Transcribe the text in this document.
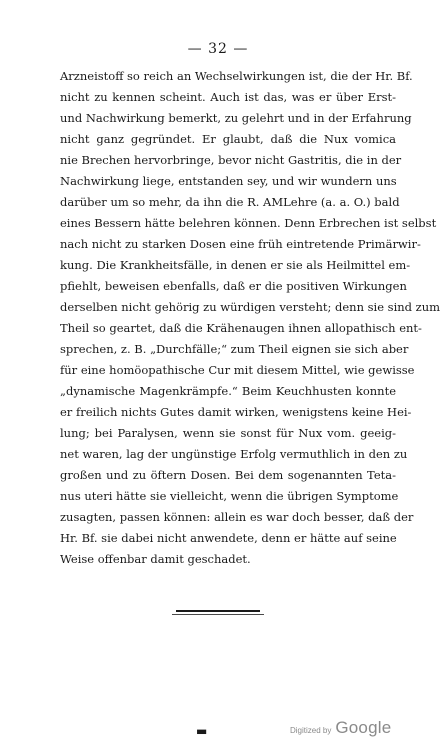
— 32 —
Arzneistoff so reich an Wechselwirkungen ist, die der Hr. Bf.
nicht zu kennen scheint. Auch ist das, was er über Erst-
und Nachwirkung bemerkt, zu gelehrt und in der Erfahrung
nicht ganz gegründet. Er glaubt, daß die Nux vomica
nie Brechen hervorbringe, bevor nicht Gastritis, die in der
Nachwirkung liege, entstanden sey, und wir wundern uns
darüber um so mehr, da ihn die R. AMLehre (a. a. O.) bald
eines Bessern hätte belehren können. Denn Erbrechen ist selbst
nach nicht zu starken Dosen eine früh eintretende Primärwir-
kung. Die Krankheitsfälle, in denen er sie als Heilmittel em-
pfiehlt, beweisen ebenfalls, daß er die positiven Wirkungen
derselben nicht gehörig zu würdigen versteht; denn sie sind zum
Theil so geartet, daß die Krähenaugen ihnen allopathisch ent-
sprechen, z. B. „Durchfälle;“ zum Theil eignen sie sich aber
für eine homöopathische Cur mit diesem Mittel, wie gewisse
„dynamische Magenkrämpfe.“ Beim Keuchhusten konnte
er freilich nichts Gutes damit wirken, wenigstens keine Hei-
lung; bei Paralysen, wenn sie sonst für Nux vom. geeig-
net waren, lag der ungünstige Erfolg vermuthlich in den zu
großen und zu öftern Dosen. Bei dem sogenannten Teta-
nus uteri hätte sie vielleicht, wenn die übrigen Symptome
zusagten, passen können: allein es war doch besser, daß der
Hr. Bf. sie dabei nicht anwendete, denn er hätte auf seine
Weise offenbar damit geschadet.
▬	Digitized by Google
